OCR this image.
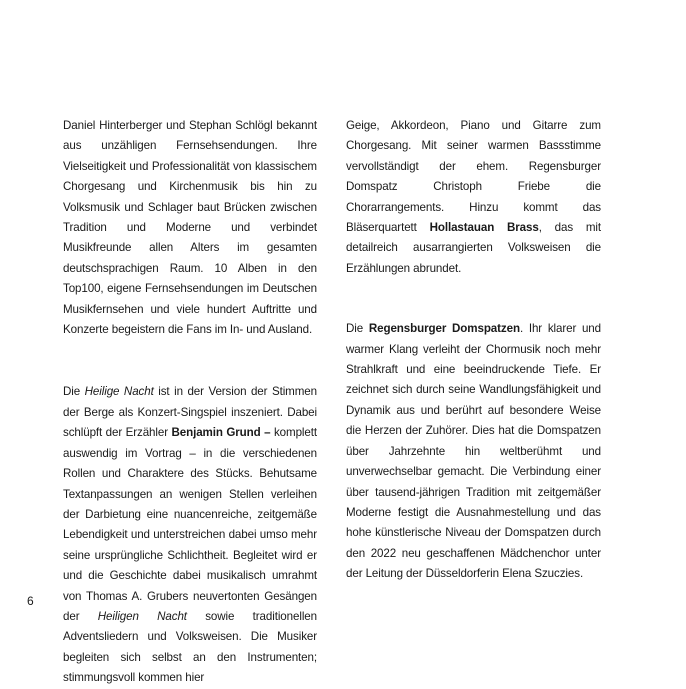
Daniel Hinterberger und Stephan Schlögl bekannt aus unzähligen Fernsehsendungen. Ihre Vielseitigkeit und Professionalität von klassischem Chorgesang und Kirchenmusik bis hin zu Volksmusik und Schlager baut Brücken zwischen Tradition und Moderne und verbindet Musikfreunde allen Alters im gesamten deutschsprachigen Raum. 10 Alben in den Top100, eigene Fernsehsendungen im Deutschen Musikfernsehen und viele hundert Auftritte und Konzerte begeistern die Fans im In- und Ausland.

Die Heilige Nacht ist in der Version der Stimmen der Berge als Konzert-Singspiel inszeniert. Dabei schlüpft der Erzähler Benjamin Grund – komplett auswendig im Vortrag – in die verschiedenen Rollen und Charaktere des Stücks. Behutsame Textanpassungen an wenigen Stellen verleihen der Darbietung eine nuancenreiche, zeitgemäße Lebendigkeit und unterstreichen dabei umso mehr seine ursprüngliche Schlichtheit. Begleitet wird er und die Geschichte dabei musikalisch umrahmt von Thomas A. Grubers neuvertonten Gesängen der Heiligen Nacht sowie traditionellen Adventsliedern und Volksweisen. Die Musiker begleiten sich selbst an den Instrumenten; stimmungsvoll kommen hier

Geige, Akkordeon, Piano und Gitarre zum Chorgesang. Mit seiner warmen Bassstimme vervollständigt der ehem. Regensburger Domspatz Christoph Friebe die Chorarrangements. Hinzu kommt das Bläserquartett Hollastauan Brass, das mit detailreich ausarrangierten Volksweisen die Erzählungen abrundet.

Die Regensburger Domspatzen. Ihr klarer und warmer Klang verleiht der Chormusik noch mehr Strahlkraft und eine beeindruckende Tiefe. Er zeichnet sich durch seine Wandlungsfähigkeit und Dynamik aus und berührt auf besondere Weise die Herzen der Zuhörer. Dies hat die Domspatzen über Jahrzehnte hin weltberühmt und unverwechselbar gemacht. Die Verbindung einer über tausend-jährigen Tradition mit zeitgemäßer Moderne festigt die Ausnahmestellung und das hohe künstlerische Niveau der Domspatzen durch den 2022 neu geschaffenen Mädchenchor unter der Leitung der Düsseldorferin Elena Szuczies.

6
